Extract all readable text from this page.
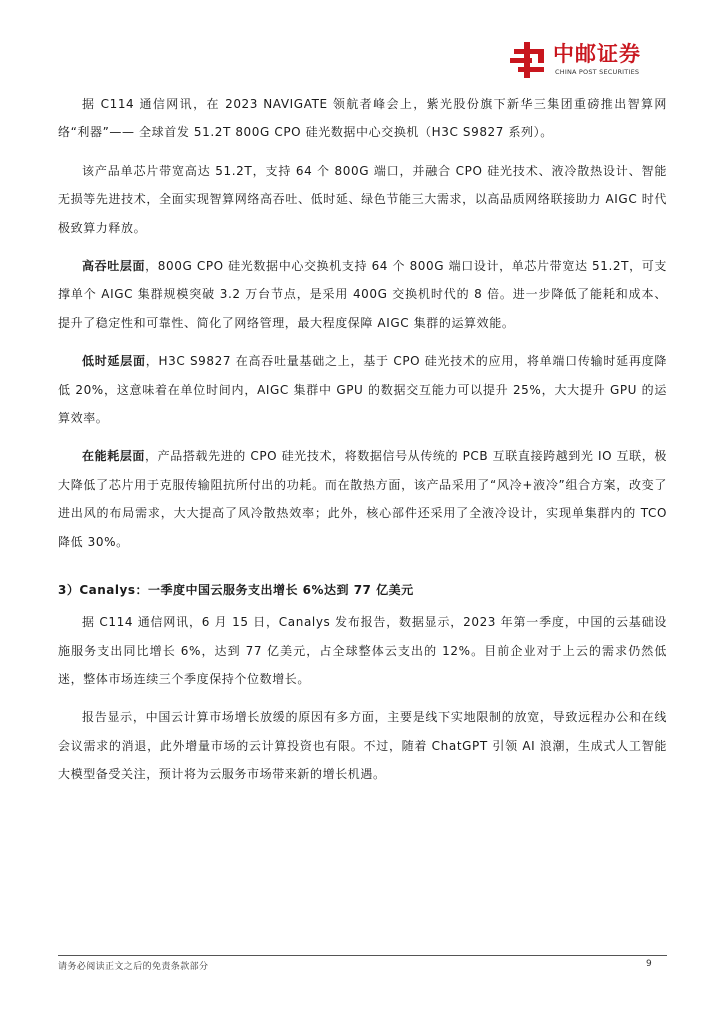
中邮证券
CHINA POST SECURITIES

据 C114 通信网讯，在 2023 NAVIGATE 领航者峰会上，紫光股份旗下新华三集团重磅推出智算网络“利器”—— 全球首发 51.2T 800G CPO 硅光数据中心交换机（H3C S9827 系列）。

该产品单芯片带宽高达 51.2T，支持 64 个 800G 端口，并融合 CPO 硅光技术、液冷散热设计、智能无损等先进技术，全面实现智算网络高吞吐、低时延、绿色节能三大需求，以高品质网络联接助力 AIGC 时代极致算力释放。

高吞吐层面，800G CPO 硅光数据中心交换机支持 64 个 800G 端口设计，单芯片带宽达 51.2T，可支撑单个 AIGC 集群规模突破 3.2 万台节点，是采用 400G 交换机时代的 8 倍。进一步降低了能耗和成本、提升了稳定性和可靠性、简化了网络管理，最大程度保障 AIGC 集群的运算效能。

低时延层面，H3C S9827 在高吞吐量基础之上，基于 CPO 硅光技术的应用，将单端口传输时延再度降低 20%，这意味着在单位时间内，AIGC 集群中 GPU 的数据交互能力可以提升 25%，大大提升 GPU 的运算效率。

在能耗层面，产品搭载先进的 CPO 硅光技术，将数据信号从传统的 PCB 互联直接跨越到光 IO 互联，极大降低了芯片用于克服传输阻抗所付出的功耗。而在散热方面，该产品采用了“风冷+液冷”组合方案，改变了进出风的布局需求，大大提高了风冷散热效率；此外，核心部件还采用了全液冷设计，实现单集群内的 TCO 降低 30%。

3）Canalys：一季度中国云服务支出增长 6%达到 77 亿美元

据 C114 通信网讯，6 月 15 日，Canalys 发布报告，数据显示，2023 年第一季度，中国的云基础设施服务支出同比增长 6%，达到 77 亿美元，占全球整体云支出的 12%。目前企业对于上云的需求仍然低迷，整体市场连续三个季度保持个位数增长。

报告显示，中国云计算市场增长放缓的原因有多方面，主要是线下实地限制的放宽，导致远程办公和在线会议需求的消退，此外增量市场的云计算投资也有限。不过，随着 ChatGPT 引领 AI 浪潮，生成式人工智能大模型备受关注，预计将为云服务市场带来新的增长机遇。

请务必阅读正文之后的免责条款部分	9
